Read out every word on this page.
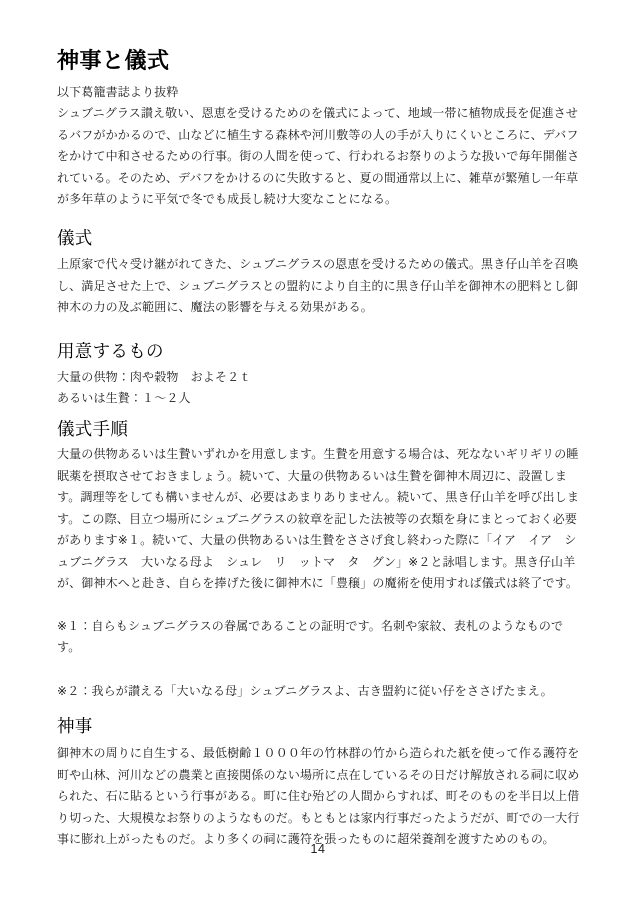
神事と儀式

以下葛籠書誌より抜粋

シュブニグラス讃え敬い、恩恵を受けるためのを儀式によって、地域一帯に植物成長を促進させるバフがかかるので、山などに植生する森林や河川敷等の人の手が入りにくいところに、デバフをかけて中和させるための行事。街の人間を使って、行われるお祭りのような扱いで毎年開催されている。そのため、デバフをかけるのに失敗すると、夏の間通常以上に、雑草が繁殖し一年草が多年草のように平気で冬でも成長し続け大変なことになる。

儀式

上原家で代々受け継がれてきた、シュブニグラスの恩恵を受けるための儀式。黒き仔山羊を召喚し、満足させた上で、シュブニグラスとの盟約により自主的に黒き仔山羊を御神木の肥料とし御神木の力の及ぶ範囲に、魔法の影響を与える効果がある。

用意するもの

大量の供物：肉や穀物　およそ２ｔ

あるいは生贄：１〜２人

儀式手順

大量の供物あるいは生贄いずれかを用意します。生贄を用意する場合は、死なないギリギリの睡眠薬を摂取させておきましょう。続いて、大量の供物あるいは生贄を御神木周辺に、設置します。調理等をしても構いませんが、必要はあまりありません。続いて、黒き仔山羊を呼び出します。この際、目立つ場所にシュブニグラスの紋章を記した法被等の衣類を身にまとっておく必要があります※１。続いて、大量の供物あるいは生贄をささげ食し終わった際に「イア　イア　シュブニグラス　大いなる母よ　シュレ　リ　ットマ　タ　グン」※２と詠唱します。黒き仔山羊が、御神木へと赴き、自らを捧げた後に御神木に「豊穣」の魔術を使用すれば儀式は終了です。

※１：自らもシュブニグラスの眷属であることの証明です。名刺や家紋、表札のようなものです。

※２：我らが讃える「大いなる母」シュブニグラスよ、古き盟約に従い仔をささげたまえ。

神事

御神木の周りに自生する、最低樹齢１０００年の竹林群の竹から造られた紙を使って作る護符を町や山林、河川などの農業と直接関係のない場所に点在しているその日だけ解放される祠に収められた、石に貼るという行事がある。町に住む殆どの人間からすれば、町そのものを半日以上借り切った、大規模なお祭りのようなものだ。もともとは家内行事だったようだが、町での一大行事に膨れ上がったものだ。より多くの祠に護符を張ったものに超栄養剤を渡すためのもの。

14
